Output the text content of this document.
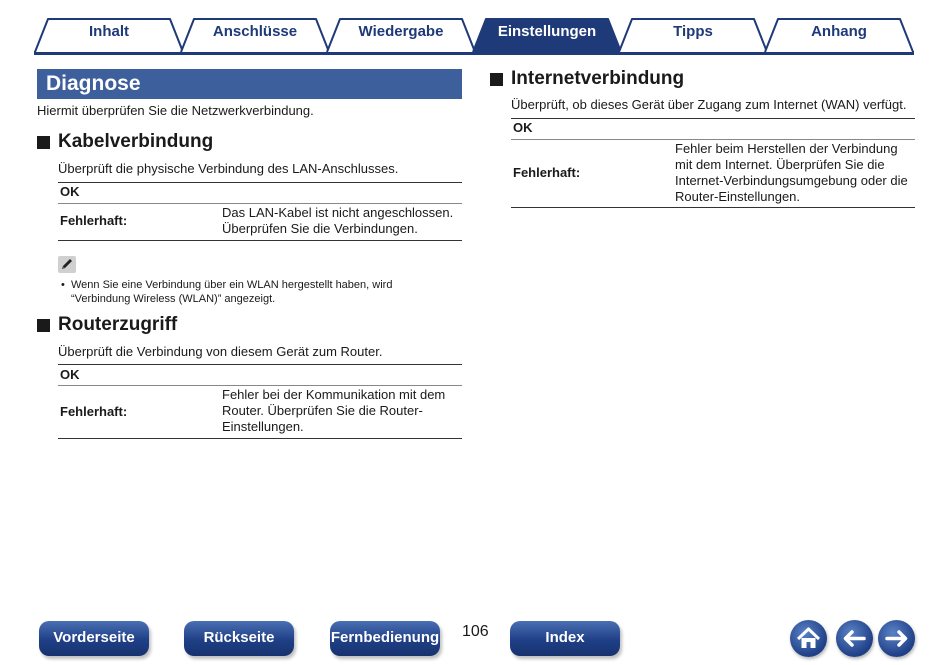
Inhalt	Anschlüsse	Wiedergabe	Einstellungen	Tipps	Anhang
Diagnose
Hiermit überprüfen Sie die Netzwerkverbindung.
Kabelverbindung
Überprüft die physische Verbindung des LAN-Anschlusses.
OK
Fehlerhaft:
Das LAN-Kabel ist nicht angeschlossen.
Überprüfen Sie die Verbindungen.
• Wenn Sie eine Verbindung über ein WLAN hergestellt haben, wird
“Verbindung Wireless (WLAN)” angezeigt.
Routerzugriff
Überprüft die Verbindung von diesem Gerät zum Router.
OK
Fehlerhaft:
Fehler bei der Kommunikation mit dem
Router. Überprüfen Sie die Router-
Einstellungen.
Internetverbindung
Überprüft, ob dieses Gerät über Zugang zum Internet (WAN) verfügt.
OK
Fehlerhaft:
Fehler beim Herstellen der Verbindung
mit dem Internet. Überprüfen Sie die
Internet-Verbindungsumgebung oder die
Router-Einstellungen.
Vorderseite	Rückseite	Fernbedienung 106	Index
